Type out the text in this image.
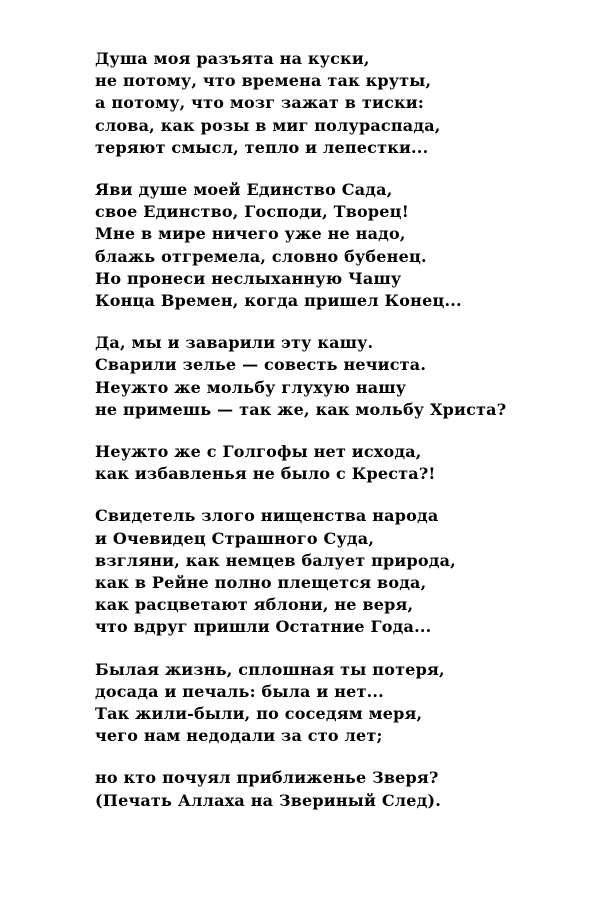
Душа моя разъята на куски,
не потому, что времена так круты,
а потому, что мозг зажат в тиски:
слова, как розы в миг полураспада,
теряют смысл, тепло и лепестки...
Яви душе моей Единство Сада,
свое Единство, Господи, Творец!
Мне в мире ничего уже не надо,
блажь отгремела, словно бубенец.
Но пронеси неслыханную Чашу
Конца Времен, когда пришел Конец...
Да, мы и заварили эту кашу.
Сварили зелье — совесть нечиста.
Неужто же мольбу глухую нашу
не примешь — так же, как мольбу Христа?
Неужто же с Голгофы нет исхода,
как избавленья не было с Креста?!
Свидетель злого нищенства народа
и Очевидец Страшного Суда,
взгляни, как немцев балует природа,
как в Рейне полно плещется вода,
как расцветают яблони, не веря,
что вдруг пришли Остатние Года...
Былая жизнь, сплошная ты потеря,
досада и печаль: была и нет...
Так жили-были, по соседям меря,
чего нам недодали за сто лет;
но кто почуял приближенье Зверя?
(Печать Аллаха на Звериный След).
